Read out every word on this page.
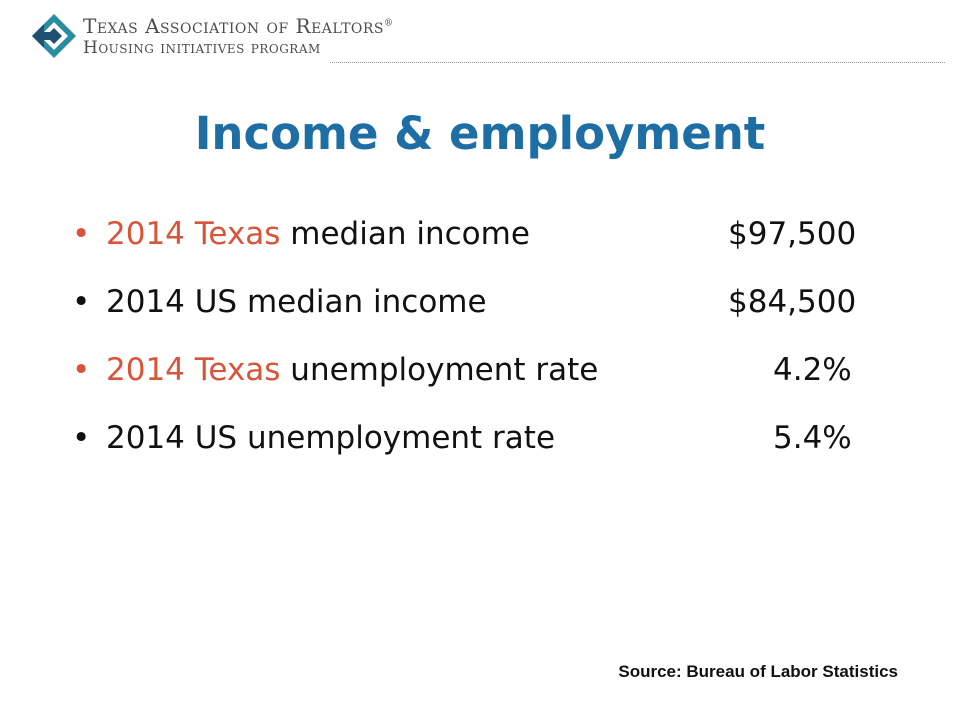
Texas Association of Realtors®
Housing initiatives program
Income & employment
• 2014 Texas median income	$97,500
• 2014 US median income	$84,500
• 2014 Texas unemployment rate	4.2%
• 2014 US unemployment rate	5.4%
Source: Bureau of Labor Statistics
